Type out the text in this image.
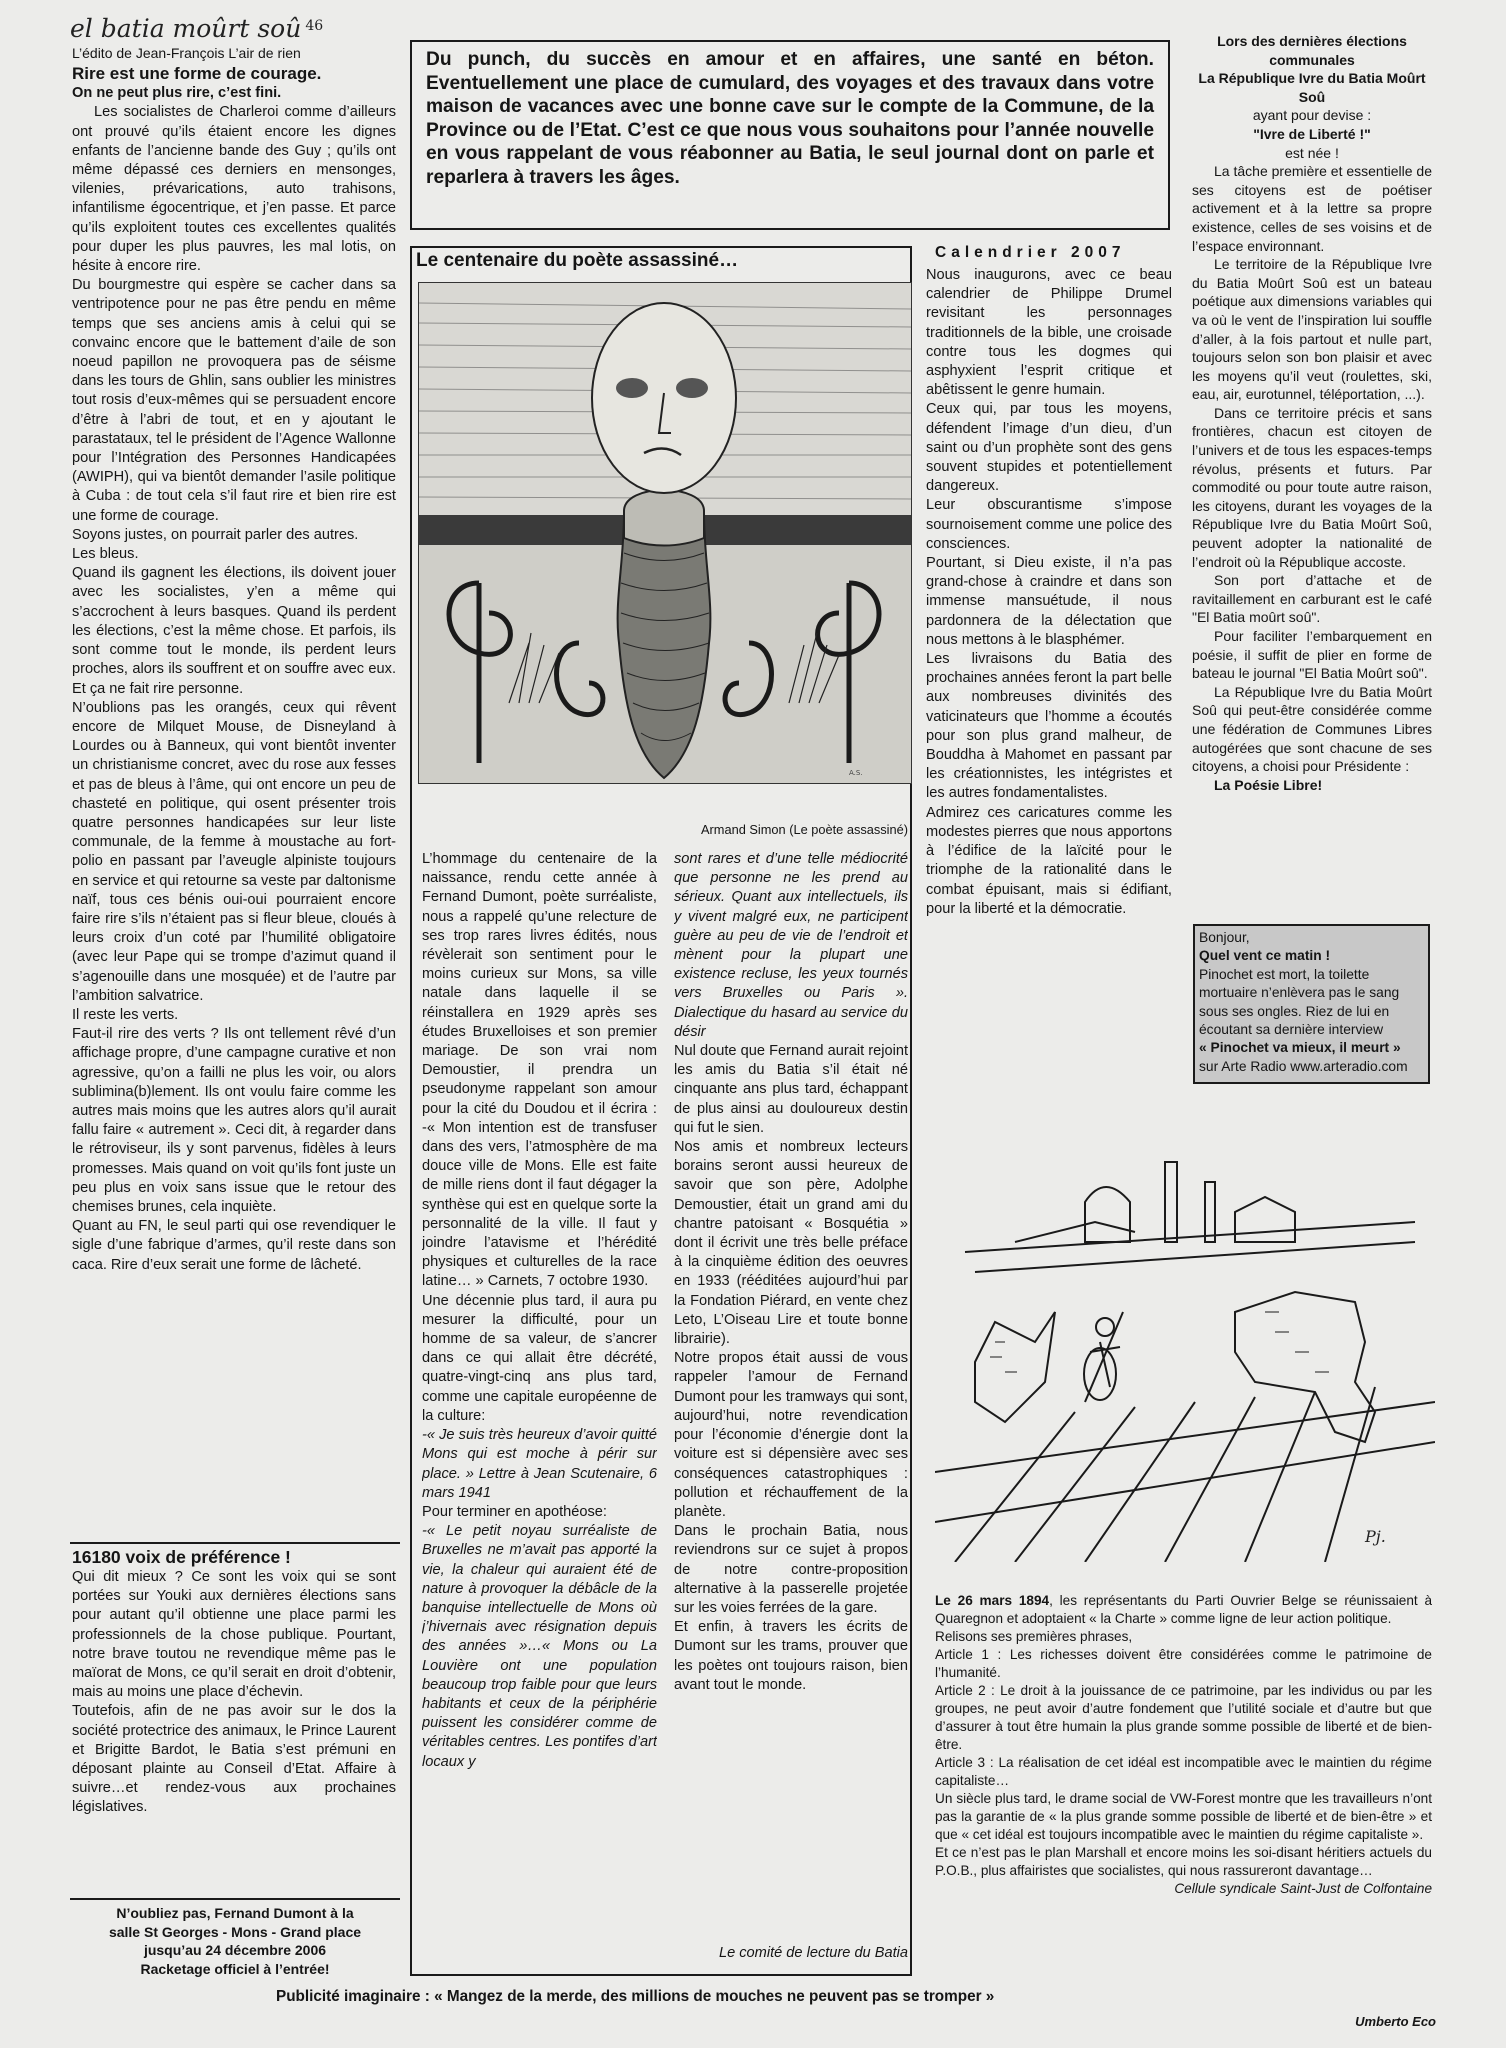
el batia moûrt soû $^{46}$

L’édito de Jean-François L’air de rien

Rire est une forme de courage.

On ne peut plus rire, c’est fini.

Les socialistes de Charleroi comme d’ailleurs ont prouvé qu’ils étaient encore les dignes enfants de l’ancienne bande des Guy ; qu’ils ont même dépassé ces derniers en mensonges, vilenies, prévarications, auto trahisons, infantilisme égocentrique, et j’en passe. Et parce qu’ils exploitent toutes ces excellentes qualités pour duper les plus pauvres, les mal lotis, on hésite à encore rire.

Du bourgmestre qui espère se cacher dans sa ventripotence pour ne pas être pendu en même temps que ses anciens amis à celui qui se convainc encore que le battement d’aile de son noeud papillon ne provoquera pas de séisme dans les tours de Ghlin, sans oublier les ministres tout rosis d’eux-mêmes qui se persuadent encore d’être à l’abri de tout, et en y ajoutant le parastataux, tel le président de l’Agence Wallonne pour l’Intégration des Personnes Handicapées (AWIPH), qui va bientôt demander l’asile politique à Cuba : de tout cela s’il faut rire et bien rire est une forme de courage.

Soyons justes, on pourrait parler des autres.

Les bleus.

Quand ils gagnent les élections, ils doivent jouer avec les socialistes, y’en a même qui s’accrochent à leurs basques. Quand ils perdent les élections, c’est la même chose. Et parfois, ils sont comme tout le monde, ils perdent leurs proches, alors ils souffrent et on souffre avec eux. Et ça ne fait rire personne.

N’oublions pas les orangés, ceux qui rêvent encore de Milquet Mouse, de Disneyland à Lourdes ou à Banneux, qui vont bientôt inventer un christianisme concret, avec du rose aux fesses et pas de bleus à l’âme, qui ont encore un peu de chasteté en politique, qui osent présenter trois quatre personnes handicapées sur leur liste communale, de la femme à moustache au fort-polio en passant par l’aveugle alpiniste toujours en service et qui retourne sa veste par daltonisme naïf, tous ces bénis oui-oui pourraient encore faire rire s’ils n’étaient pas si fleur bleue, cloués à leurs croix d’un coté par l’humilité obligatoire (avec leur Pape qui se trompe d’azimut quand il s’agenouille dans une mosquée) et de l’autre par l’ambition salvatrice.

Il reste les verts.

Faut-il rire des verts ? Ils ont tellement rêvé d’un affichage propre, d’une campagne curative et non agressive, qu’on a failli ne plus les voir, ou alors sublimina(b)lement. Ils ont voulu faire comme les autres mais moins que les autres alors qu’il aurait fallu faire « autrement ». Ceci dit, à regarder dans le rétroviseur, ils y sont parvenus, fidèles à leurs promesses. Mais quand on voit qu’ils font juste un peu plus en voix sans issue que le retour des chemises brunes, cela inquiète.

Quant au FN, le seul parti qui ose revendiquer le sigle d’une fabrique d’armes, qu’il reste dans son caca. Rire d’eux serait une forme de lâcheté.

16180 voix de préférence !

Qui dit mieux ? Ce sont les voix qui se sont portées sur Youki aux dernières élections sans pour autant qu’il obtienne une place parmi les professionnels de la chose publique. Pourtant, notre brave toutou ne revendique même pas le maïorat de Mons, ce qu’il serait en droit d’obtenir, mais au moins une place d’échevin.

Toutefois, afin de ne pas avoir sur le dos la société protectrice des animaux, le Prince Laurent et Brigitte Bardot, le Batia s’est prémuni en déposant plainte au Conseil d’Etat. Affaire à suivre…et rendez-vous aux prochaines législatives.

N’oubliez pas, Fernand Dumont à la

salle St Georges - Mons - Grand place

jusqu’au 24 décembre 2006

Racketage officiel à l’entrée!

Du punch, du succès en amour et en affaires, une santé en béton. Eventuellement une place de cumulard, des voyages et des travaux dans votre maison de vacances avec une bonne cave sur le compte de la Commune, de la Province ou de l’Etat. C’est ce que nous vous souhaitons pour l’année nouvelle en vous rappelant de vous réabonner au Batia, le seul journal dont on parle et reparlera à travers les âges.

Le centenaire du poète assassiné…
A.S.
Armand Simon (Le poète assassiné)

L’hommage du centenaire de la naissance, rendu cette année à Fernand Dumont, poète surréaliste, nous a rappelé qu’une relecture de ses trop rares livres édités, nous révèlerait son sentiment pour le moins curieux sur Mons, sa ville natale dans laquelle il se réinstallera en 1929 après ses études Bruxelloises et son premier mariage. De son vrai nom Demoustier, il prendra un pseudonyme rappelant son amour pour la cité du Doudou et il écrira : -« Mon intention est de transfuser dans des vers, l’atmosphère de ma douce ville de Mons. Elle est faite de mille riens dont il faut dégager la synthèse qui est en quelque sorte la personnalité de la ville. Il faut y joindre l’atavisme et l’hérédité physiques et culturelles de la race latine… » Carnets, 7 octobre 1930.

Une décennie plus tard, il aura pu mesurer la difficulté, pour un homme de sa valeur, de s’ancrer dans ce qui allait être décrété, quatre-vingt-cinq ans plus tard, comme une capitale européenne de la culture:

-« Je suis très heureux d’avoir quitté Mons qui est moche à périr sur place. » Lettre à Jean Scutenaire, 6 mars 1941

Pour terminer en apothéose:

-« Le petit noyau surréaliste de Bruxelles ne m’avait pas apporté la vie, la chaleur qui auraient été de nature à provoquer la débâcle de la banquise intellectuelle de Mons où j’hivernais avec résignation depuis des années »…« Mons ou La Louvière ont une population beaucoup trop faible pour que leurs habitants et ceux de la périphérie puissent les considérer comme de véritables centres. Les pontifes d’art locaux y

sont rares et d’une telle médiocrité que personne ne les prend au sérieux. Quant aux intellectuels, ils y vivent malgré eux, ne participent guère au peu de vie de l’endroit et mènent pour la plupart une existence recluse, les yeux tournés vers Bruxelles ou Paris ». Dialectique du hasard au service du désir

Nul doute que Fernand aurait rejoint les amis du Batia s’il était né cinquante ans plus tard, échappant de plus ainsi au douloureux destin qui fut le sien.

Nos amis et nombreux lecteurs borains seront aussi heureux de savoir que son père, Adolphe Demoustier, était un grand ami du chantre patoisant « Bosquétia » dont il écrivit une très belle préface à la cinquième édition des oeuvres en 1933 (rééditées aujourd’hui par la Fondation Piérard, en vente chez Leto, L’Oiseau Lire et toute bonne librairie).

Notre propos était aussi de vous rappeler l’amour de Fernand Dumont pour les tramways qui sont, aujourd’hui, notre revendication pour l’économie d’énergie dont la voiture est si dépensière avec ses conséquences catastrophiques : pollution et réchauffement de la planète.

Dans le prochain Batia, nous reviendrons sur ce sujet à propos de notre contre-proposition alternative à la passerelle projetée sur les voies ferrées de la gare.

Et enfin, à travers les écrits de Dumont sur les trams, prouver que les poètes ont toujours raison, bien avant tout le monde.

Le comité de lecture du Batia
Calendrier 2007

Nous inaugurons, avec ce beau calendrier de Philippe Drumel revisitant les personnages traditionnels de la bible, une croisade contre tous les dogmes qui asphyxient l’esprit critique et abêtissent le genre humain.

Ceux qui, par tous les moyens, défendent l’image d’un dieu, d’un saint ou d’un prophète sont des gens souvent stupides et potentiellement dangereux.

Leur obscurantisme s’impose sournoisement comme une police des consciences.

Pourtant, si Dieu existe, il n’a pas grand-chose à craindre et dans son immense mansuétude, il nous pardonnera de la délectation que nous mettons à le blasphémer.

Les livraisons du Batia des prochaines années feront la part belle aux nombreuses divinités des vaticinateurs que l’homme a écoutés pour son plus grand malheur, de Bouddha à Mahomet en passant par les créationnistes, les intégristes et les autres fondamentalistes.

Admirez ces caricatures comme les modestes pierres que nous apportons à l’édifice de la laïcité pour le triomphe de la rationalité dans le combat épuisant, mais si édifiant, pour la liberté et la démocratie.

Lors des dernières élections communales

La République Ivre du Batia Moûrt Soû

ayant pour devise :

"Ivre de Liberté !"

est née !

La tâche première et essentielle de ses citoyens est de poétiser activement et à la lettre sa propre existence, celles de ses voisins et de l’espace environnant.

Le territoire de la République Ivre du Batia Moûrt Soû est un bateau poétique aux dimensions variables qui va où le vent de l’inspiration lui souffle d’aller, à la fois partout et nulle part, toujours selon son bon plaisir et avec les moyens qu’il veut (roulettes, ski, eau, air, eurotunnel, téléportation, ...).

Dans ce territoire précis et sans frontières, chacun est citoyen de l’univers et de tous les espaces-temps révolus, présents et futurs. Par commodité ou pour toute autre raison, les citoyens, durant les voyages de la République Ivre du Batia Moûrt Soû, peuvent adopter la nationalité de l’endroit où la République accoste.

Son port d’attache et de ravitaillement en carburant est le café "El Batia moûrt soû".

Pour faciliter l’embarquement en poésie, il suffit de plier en forme de bateau le journal "El Batia Moûrt soû".

La République Ivre du Batia Moûrt Soû qui peut-être considérée comme une fédération de Communes Libres autogérées que sont chacune de ses citoyens, a choisi pour Présidente :

La Poésie Libre!

Bonjour,

Quel vent ce matin !

Pinochet est mort, la toilette mortuaire n’enlèvera pas le sang sous ses ongles. Riez de lui en écoutant sa dernière interview

« Pinochet va mieux, il meurt »

sur Arte Radio www.arteradio.com

Pj.

Le 26 mars 1894, les représentants du Parti Ouvrier Belge se réunissaient à Quaregnon et adoptaient « la Charte » comme ligne de leur action politique.

Relisons ses premières phrases,

Article 1 : Les richesses doivent être considérées comme le patrimoine de l’humanité.

Article 2 : Le droit à la jouissance de ce patrimoine, par les individus ou par les groupes, ne peut avoir d’autre fondement que l’utilité sociale et d’autre but que d’assurer à tout être humain la plus grande somme possible de liberté et de bien-être.

Article 3 : La réalisation de cet idéal est incompatible avec le maintien du régime capitaliste…

Un siècle plus tard, le drame social de VW-Forest montre que les travailleurs n’ont pas la garantie de « la plus grande somme possible de liberté et de bien-être » et que « cet idéal est toujours incompatible avec le maintien du régime capitaliste ».

Et ce n’est pas le plan Marshall et encore moins les soi-disant héritiers actuels du P.O.B., plus affairistes que socialistes, qui nous rassureront davantage…

Cellule syndicale Saint-Just de Colfontaine

Publicité imaginaire : « Mangez de la merde, des millions de mouches ne peuvent pas se tromper »
Umberto Eco
